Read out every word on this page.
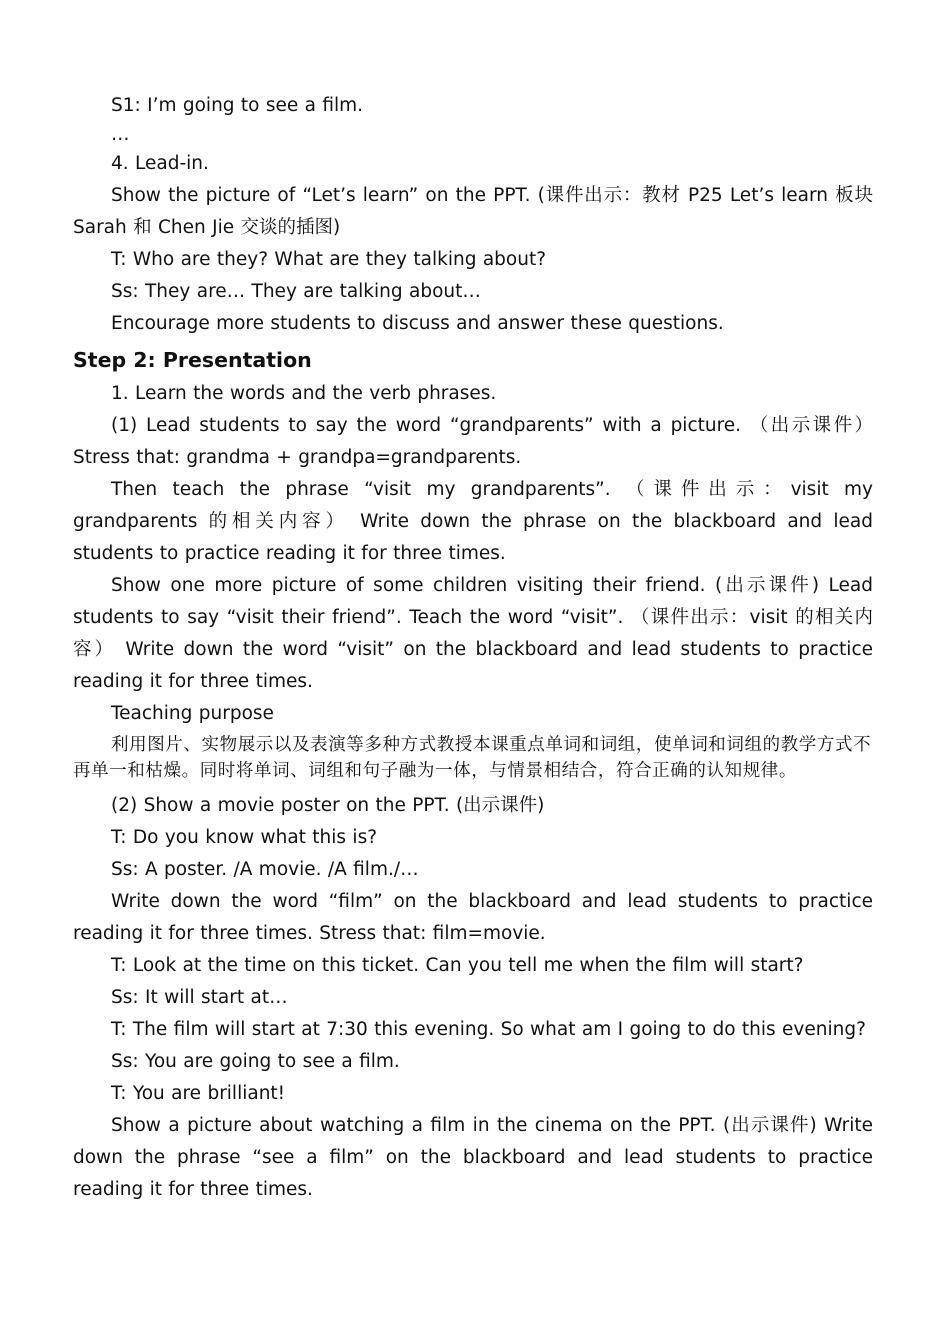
S1: I’m going to see a film.

…

4. Lead-in.

Show the picture of “Let’s learn” on the PPT. (课件出示：教材 P25 Let’s learn 板块 Sarah 和 Chen Jie 交谈的插图)

T: Who are they? What are they talking about?

Ss: They are… They are talking about…

Encourage more students to discuss and answer these questions.

Step 2: Presentation

1. Learn the words and the verb phrases.

(1) Lead students to say the word “grandparents” with a picture. （出示课件） Stress that: grandma + grandpa=grandparents.

Then teach the phrase “visit my grandparents”. （课件出示：visit my grandparents 的相关内容） Write down the phrase on the blackboard and lead students to practice reading it for three times.

Show one more picture of some children visiting their friend. (出示课件) Lead students to say “visit their friend”. Teach the word “visit”. （课件出示：visit 的相关内容） Write down the word “visit” on the blackboard and lead students to practice reading it for three times.

Teaching purpose

利用图片、实物展示以及表演等多种方式教授本课重点单词和词组，使单词和词组的教学方式不再单一和枯燥。同时将单词、词组和句子融为一体，与情景相结合，符合正确的认知规律。

(2) Show a movie poster on the PPT. (出示课件)

T: Do you know what this is?

Ss: A poster. /A movie. /A film./…

Write down the word “film” on the blackboard and lead students to practice reading it for three times. Stress that: film=movie.

T: Look at the time on this ticket. Can you tell me when the film will start?

Ss: It will start at…

T: The film will start at 7:30 this evening. So what am I going to do this evening?

Ss: You are going to see a film.

T: You are brilliant!

Show a picture about watching a film in the cinema on the PPT. (出示课件) Write down the phrase “see a film” on the blackboard and lead students to practice reading it for three times.
